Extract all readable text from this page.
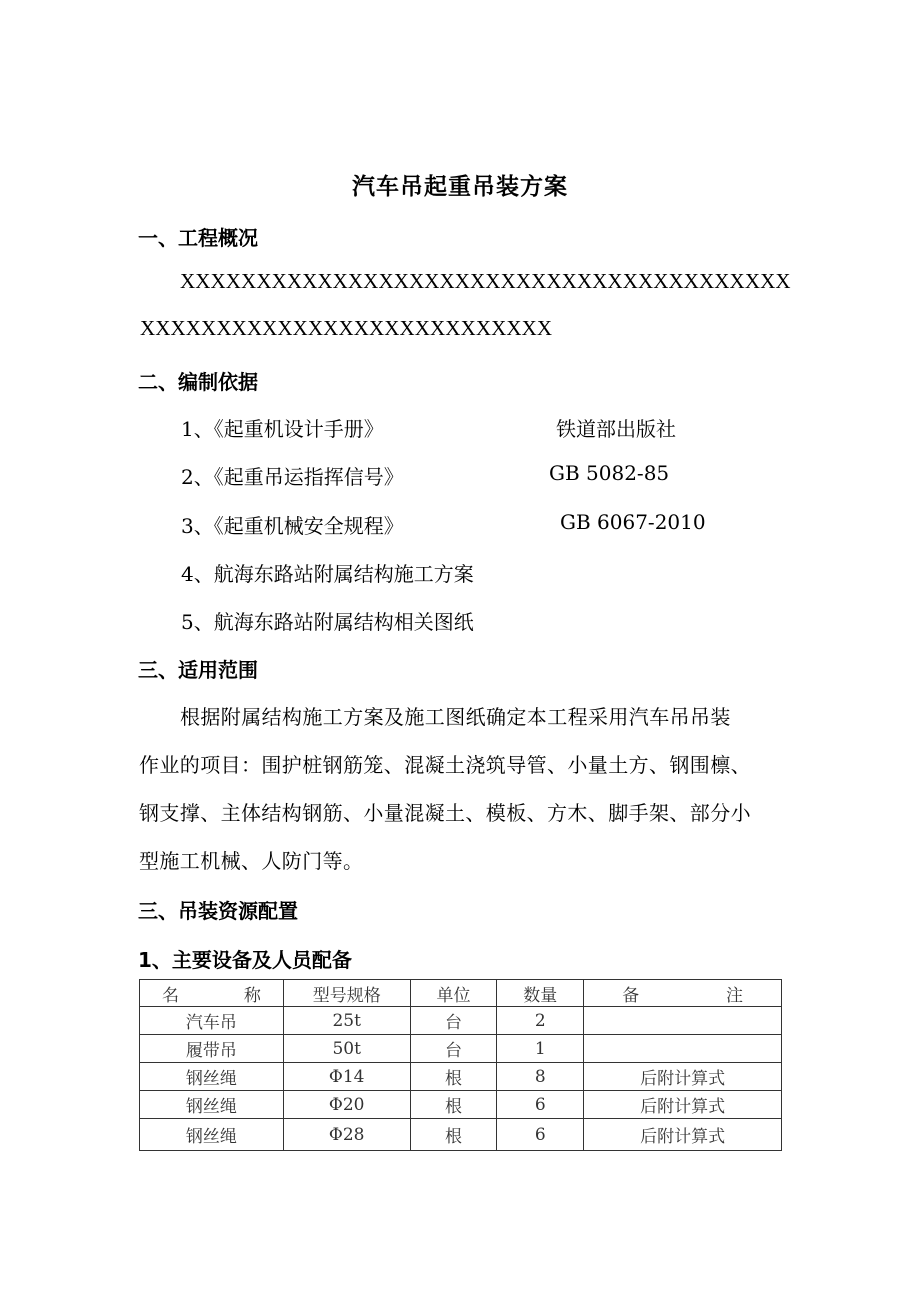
汽车吊起重吊装方案
一、工程概况
XXXXXXXXXXXXXXXXXXXXXXXXXXXXXXXXXXXXXXXX
XXXXXXXXXXXXXXXXXXXXXXXXXXX
二、编制依据
1、《起重机设计手册》	铁道部出版社
2、《起重吊运指挥信号》	GB 5082-85
3、《起重机械安全规程》	GB 6067-2010
4、航海东路站附属结构施工方案
5、航海东路站附属结构相关图纸
三、适用范围
根据附属结构施工方案及施工图纸确定本工程采用汽车吊吊装
作业的项目：围护桩钢筋笼、混凝土浇筑导管、小量土方、钢围檩、
钢支撑、主体结构钢筋、小量混凝土、模板、方木、脚手架、部分小
型施工机械、人防门等。
三、吊装资源配置
1、主要设备及人员配备
名 称	型号规格	单位	数量	备 注

汽车吊	25t	台	2	
履带吊	50t	台	1	
钢丝绳	Φ14	根	8	后附计算式
钢丝绳	Φ20	根	6	后附计算式
钢丝绳	Φ28	根	6	后附计算式
